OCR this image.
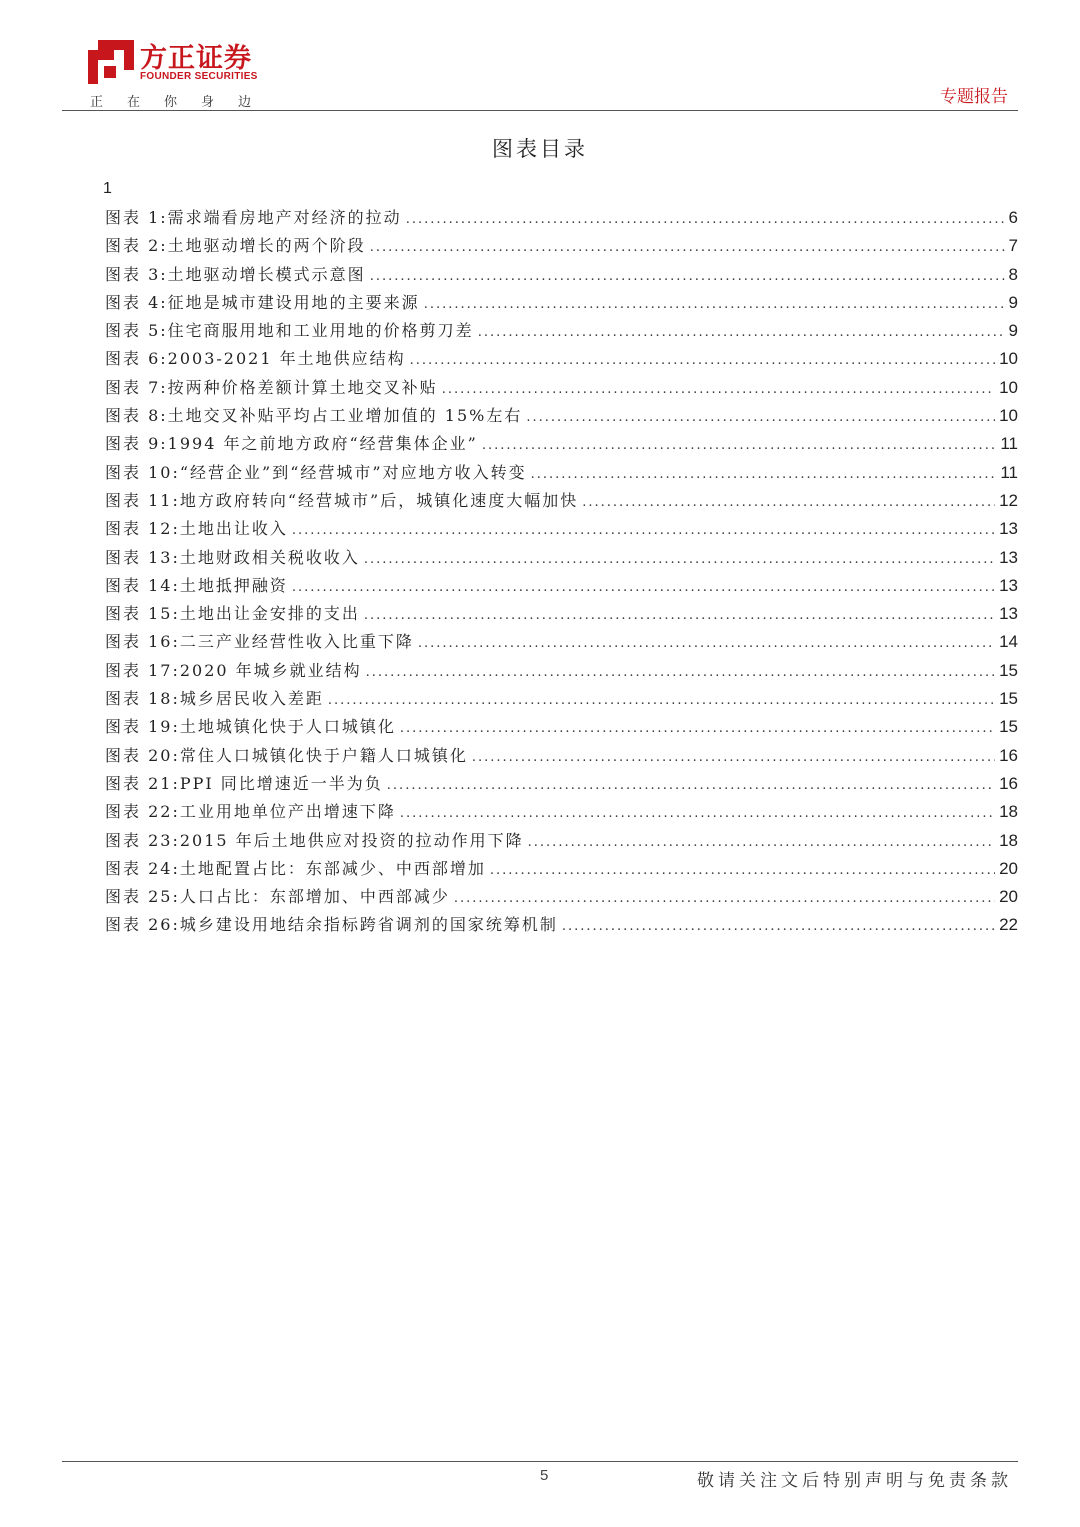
方正证券
FOUNDER SECURITIES
正在你身边	专题报告
图表目录
1
图表 1: 需求端看房地产对经济的拉动 .....	6
图表 2: 土地驱动增长的两个阶段 .....	7
图表 3: 土地驱动增长模式示意图 .....	8
图表 4: 征地是城市建设用地的主要来源 .....	9
图表 5: 住宅商服用地和工业用地的价格剪刀差 .....	9
图表 6: 2003-2021 年土地供应结构 .....	10
图表 7: 按两种价格差额计算土地交叉补贴 .....	10
图表 8: 土地交叉补贴平均占工业增加值的 15%左右 .....	10
图表 9: 1994 年之前地方政府“经营集体企业” .....	11
图表 10: “经营企业”到“经营城市”对应地方收入转变 .....	11
图表 11: 地方政府转向“经营城市”后，城镇化速度大幅加快 .....	12
图表 12: 土地出让收入 .....	13
图表 13: 土地财政相关税收收入 .....	13
图表 14: 土地抵押融资 .....	13
图表 15: 土地出让金安排的支出 .....	13
图表 16: 二三产业经营性收入比重下降 .....	14
图表 17: 2020 年城乡就业结构 .....	15
图表 18: 城乡居民收入差距 .....	15
图表 19: 土地城镇化快于人口城镇化 .....	15
图表 20: 常住人口城镇化快于户籍人口城镇化 .....	16
图表 21: PPI 同比增速近一半为负 .....	16
图表 22: 工业用地单位产出增速下降 .....	18
图表 23: 2015 年后土地供应对投资的拉动作用下降 .....	18
图表 24: 土地配置占比：东部减少、中西部增加 .....	20
图表 25: 人口占比：东部增加、中西部减少 .....	20
图表 26: 城乡建设用地结余指标跨省调剂的国家统筹机制 .....	22
5	敬请关注文后特别声明与免责条款
